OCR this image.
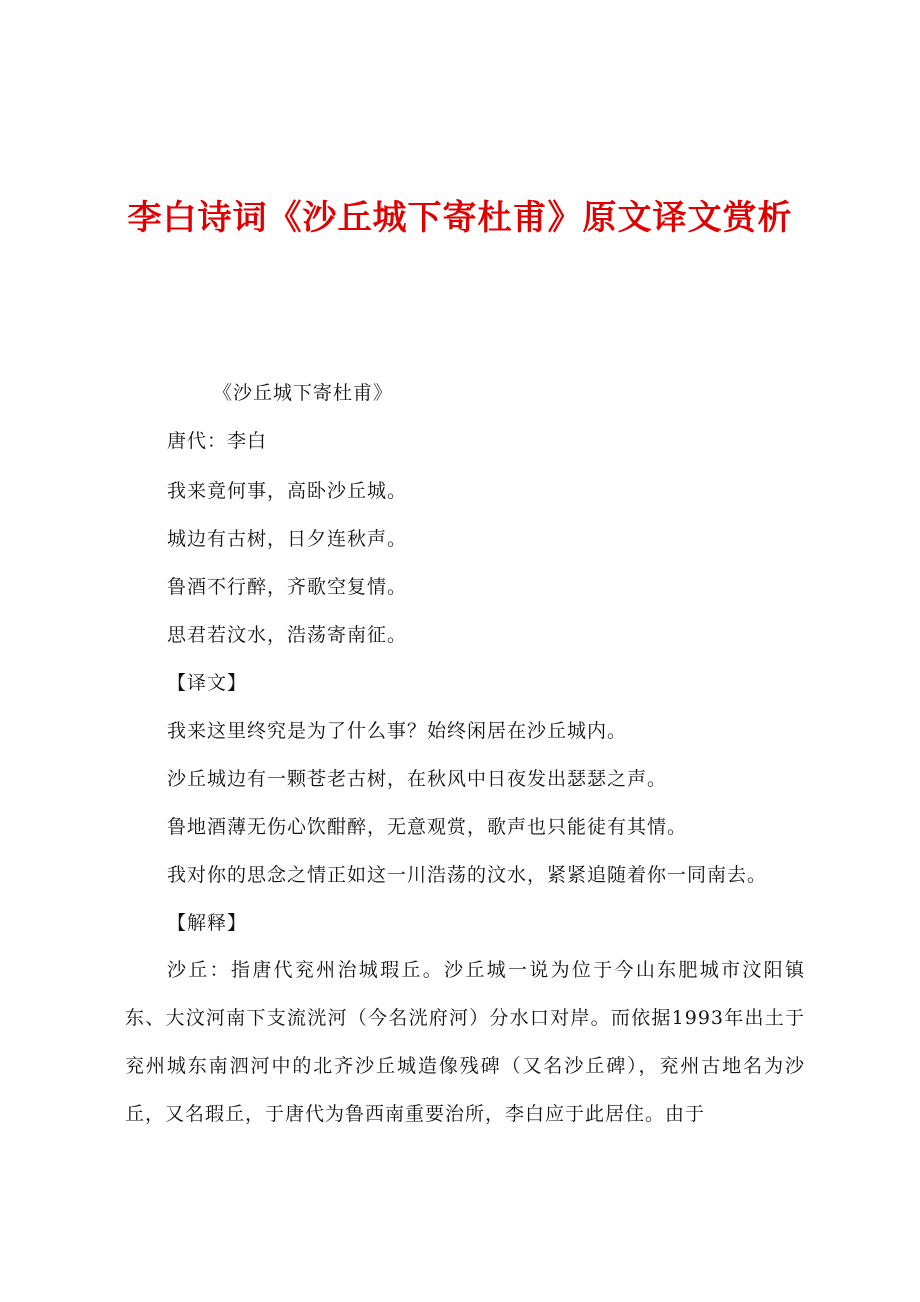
李白诗词《沙丘城下寄杜甫》原文译文赏析
《沙丘城下寄杜甫》
唐代：李白
我来竟何事，高卧沙丘城。
城边有古树，日夕连秋声。
鲁酒不行醉，齐歌空复情。
思君若汶水，浩荡寄南征。
【译文】
我来这里终究是为了什么事？始终闲居在沙丘城内。
沙丘城边有一颗苍老古树，在秋风中日夜发出瑟瑟之声。
鲁地酒薄无伤心饮酣醉，无意观赏，歌声也只能徒有其情。
我对你的思念之情正如这一川浩荡的汶水，紧紧追随着你一同南去。
【解释】
沙丘：指唐代兖州治城瑕丘。沙丘城一说为位于今山东肥城市汶阳镇东、大汶河南下支流洸河（今名洸府河）分水口对岸。而依据1993年出土于兖州城东南泗河中的北齐沙丘城造像残碑（又名沙丘碑），兖州古地名为沙丘，又名瑕丘，于唐代为鲁西南重要治所，李白应于此居住。由于
